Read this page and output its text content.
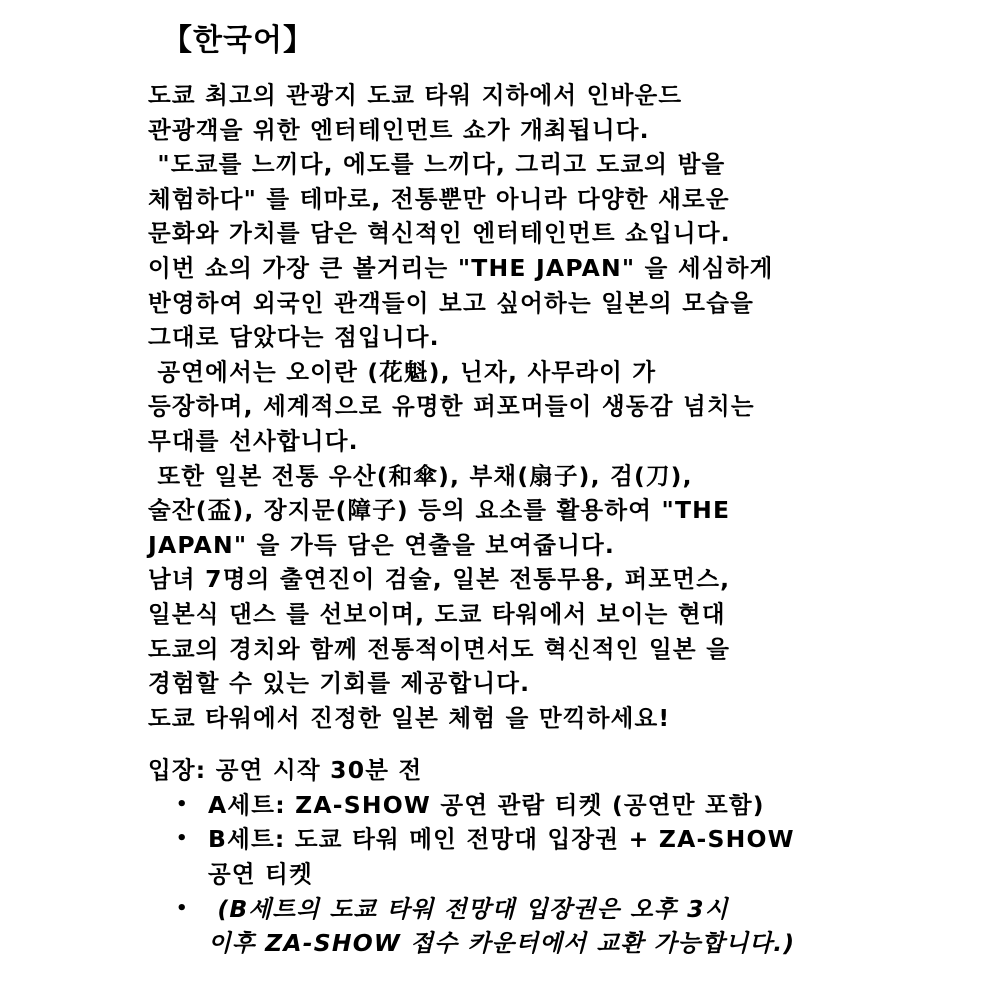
【한국어】
도쿄 최고의 관광지 도쿄 타워 지하에서 인바운드
관광객을 위한 엔터테인먼트 쇼가 개최됩니다.
"도쿄를 느끼다, 에도를 느끼다, 그리고 도쿄의 밤을
체험하다" 를 테마로, 전통뿐만 아니라 다양한 새로운
문화와 가치를 담은 혁신적인 엔터테인먼트 쇼입니다.
이번 쇼의 가장 큰 볼거리는 "THE JAPAN" 을 세심하게
반영하여 외국인 관객들이 보고 싶어하는 일본의 모습을
그대로 담았다는 점입니다.
공연에서는 오이란 (花魁), 닌자, 사무라이 가
등장하며, 세계적으로 유명한 퍼포머들이 생동감 넘치는
무대를 선사합니다.
또한 일본 전통 우산(和傘), 부채(扇子), 검(刀),
술잔(盃), 장지문(障子) 등의 요소를 활용하여 "THE
JAPAN" 을 가득 담은 연출을 보여줍니다.
남녀 7명의 출연진이 검술, 일본 전통무용, 퍼포먼스,
일본식 댄스 를 선보이며, 도쿄 타워에서 보이는 현대
도쿄의 경치와 함께 전통적이면서도 혁신적인 일본 을
경험할 수 있는 기회를 제공합니다.
도쿄 타워에서 진정한 일본 체험 을 만끽하세요!
입장: 공연 시작 30분 전
• A세트: ZA-SHOW 공연 관람 티켓 (공연만 포함)
• B세트: 도쿄 타워 메인 전망대 입장권 + ZA-SHOW
공연 티켓
• (B세트의 도쿄 타워 전망대 입장권은 오후 3시
이후 ZA-SHOW 접수 카운터에서 교환 가능합니다.)
